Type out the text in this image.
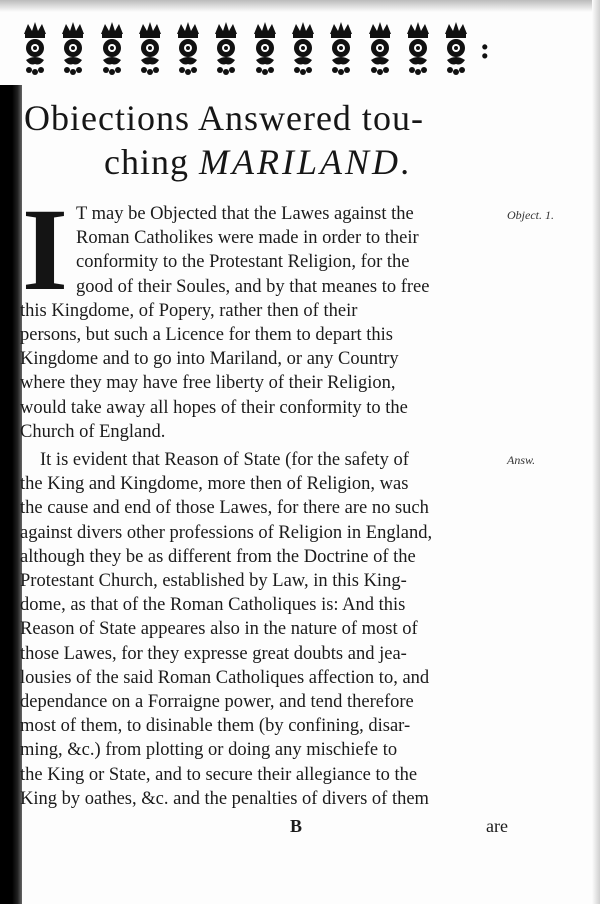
:
Obiections Answered tou-
ching MARILAND.
I	Object. 1.
Answ.
T may be Objected that the Lawes against the
Roman Catholikes were made in order to their
conformity to the Protestant Religion, for the
good of their Soules, and by that meanes to free
this Kingdome, of Popery, rather then of their
persons, but such a Licence for them to depart this
Kingdome and to go into Mariland, or any Country
where they may have free liberty of their Religion,
would take away all hopes of their conformity to the
Church of England.
It is evident that Reason of State (for the safety of
the King and Kingdome, more then of Religion, was
the cause and end of those Lawes, for there are no such
against divers other professions of Religion in England,
although they be as different from the Doctrine of the
Protestant Church, established by Law, in this King-
dome, as that of the Roman Catholiques is: And this
Reason of State appeares also in the nature of most of
those Lawes, for they expresse great doubts and jea-
lousies of the said Roman Catholiques affection to, and
dependance on a Forraigne power, and tend therefore
most of them, to disinable them (by confining, disar-
ming, &c.) from plotting or doing any mischiefe to
the King or State, and to secure their allegiance to the
King by oathes, &c. and the penalties of divers of them
B	are
